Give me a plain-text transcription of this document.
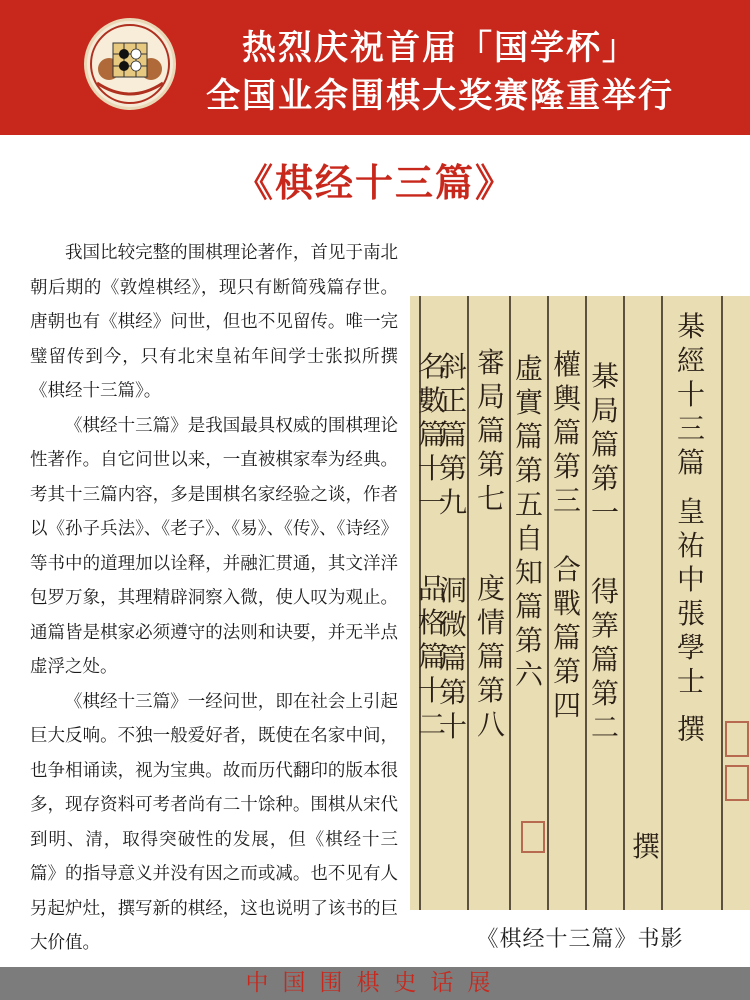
热烈庆祝首届「国学杯」
全国业余围棋大奖赛隆重举行
《棋经十三篇》

我国比较完整的围棋理论著作，首见于南北朝后期的《敦煌棋经》，现只有断简残篇存世。唐朝也有《棋经》问世，但也不见留传。唯一完璧留传到今，只有北宋皇祐年间学士张拟所撰《棋经十三篇》。

《棋经十三篇》是我国最具权威的围棋理论性著作。自它问世以来，一直被棋家奉为经典。考其十三篇内容，多是围棋名家经验之谈，作者以《孙子兵法》、《老子》、《易》、《传》、《诗经》等书中的道理加以诠释，并融汇贯通，其文洋洋包罗万象，其理精辟洞察入微，使人叹为观止。通篇皆是棋家必须遵守的法则和诀要，并无半点虚浮之处。

《棋经十三篇》一经问世，即在社会上引起巨大反响。不独一般爱好者，既使在名家中间，也争相诵读，视为宝典。故而历代翻印的版本很多，现存资料可考者尚有二十馀种。围棋从宋代到明、清，取得突破性的发展，但《棋经十三篇》的指导意义并没有因之而或减。也不见有人另起炉灶，撰写新的棋经，这也说明了该书的巨大价值。

棊經十三篇
皇祐中張學士撰
棊局篇第一
得筭篇第二
權輿篇第三
合戰篇第四
虛實篇第五
自知篇第六
審局篇第七
度情篇第八
斜正篇第九
洞微篇第十
名數篇十一
品格篇十二
撰
《棋经十三篇》书影
中国围棋史话展
